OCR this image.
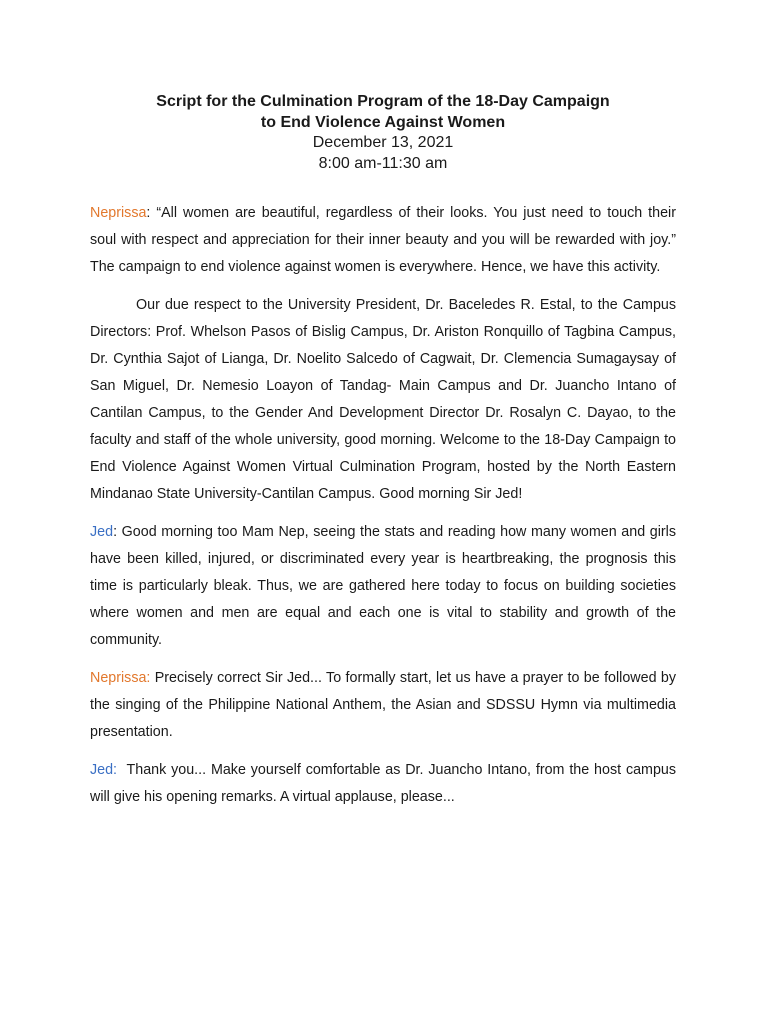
Script for the Culmination Program of the 18-Day Campaign
to End Violence Against Women
December 13, 2021
8:00 am-11:30 am

Neprissa: “All women are beautiful, regardless of their looks. You just need to touch their soul with respect and appreciation for their inner beauty and you will be rewarded with joy.” The campaign to end violence against women is everywhere. Hence, we have this activity.

Our due respect to the University President, Dr. Baceledes R. Estal, to the Campus Directors: Prof. Whelson Pasos of Bislig Campus, Dr. Ariston Ronquillo of Tagbina Campus, Dr. Cynthia Sajot of Lianga, Dr. Noelito Salcedo of Cagwait, Dr. Clemencia Sumagaysay of San Miguel, Dr. Nemesio Loayon of Tandag- Main Campus and Dr. Juancho Intano of Cantilan Campus, to the Gender And Development Director Dr. Rosalyn C. Dayao, to the faculty and staff of the whole university, good morning. Welcome to the 18-Day Campaign to End Violence Against Women Virtual Culmination Program, hosted by the North Eastern Mindanao State University-Cantilan Campus. Good morning Sir Jed!

Jed: Good morning too Mam Nep, seeing the stats and reading how many women and girls have been killed, injured, or discriminated every year is heartbreaking, the prognosis this time is particularly bleak. Thus, we are gathered here today to focus on building societies where women and men are equal and each one is vital to stability and growth of the community.

Neprissa: Precisely correct Sir Jed... To formally start, let us have a prayer to be followed by the singing of the Philippine National Anthem, the Asian and SDSSU Hymn via multimedia presentation.

Jed: Thank you... Make yourself comfortable as Dr. Juancho Intano, from the host campus will give his opening remarks. A virtual applause, please...
